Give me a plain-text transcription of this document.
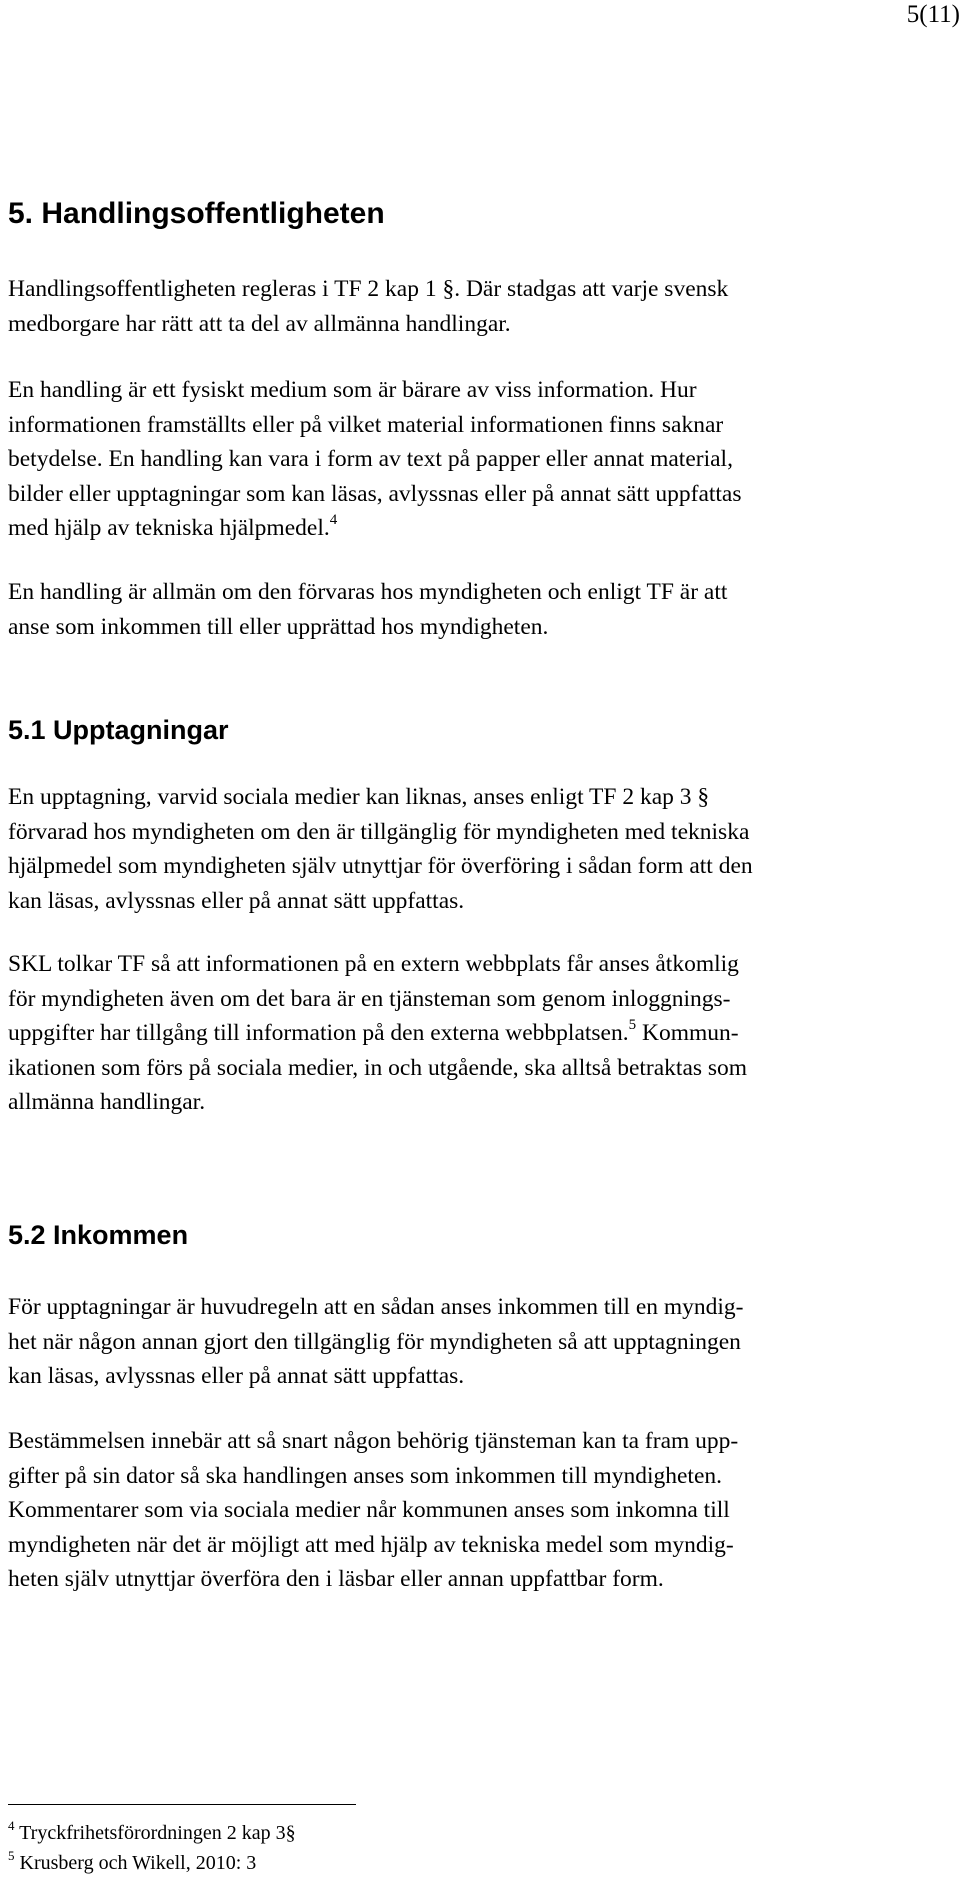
5(11)
5. Handlingsoffentligheten

Handlingsoffentligheten regleras i TF 2 kap 1 §. Där stadgas att varje svensk
medborgare har rätt att ta del av allmänna handlingar.

En handling är ett fysiskt medium som är bärare av viss information. Hur
informationen framställts eller på vilket material informationen finns saknar
betydelse. En handling kan vara i form av text på papper eller annat material,
bilder eller upptagningar som kan läsas, avlyssnas eller på annat sätt uppfattas
med hjälp av tekniska hjälpmedel.$^4$

En handling är allmän om den förvaras hos myndigheten och enligt TF är att
anse som inkommen till eller upprättad hos myndigheten.

5.1 Upptagningar

En upptagning, varvid sociala medier kan liknas, anses enligt TF 2 kap 3 §
förvarad hos myndigheten om den är tillgänglig för myndigheten med tekniska
hjälpmedel som myndigheten själv utnyttjar för överföring i sådan form att den
kan läsas, avlyssnas eller på annat sätt uppfattas.

SKL tolkar TF så att informationen på en extern webbplats får anses åtkomlig
för myndigheten även om det bara är en tjänsteman som genom inloggnings-
uppgifter har tillgång till information på den externa webbplatsen.$^5$ Kommun-
ikationen som förs på sociala medier, in och utgående, ska alltså betraktas som
allmänna handlingar.

5.2 Inkommen

För upptagningar är huvudregeln att en sådan anses inkommen till en myndig-
het när någon annan gjort den tillgänglig för myndigheten så att upptagningen
kan läsas, avlyssnas eller på annat sätt uppfattas.

Bestämmelsen innebär att så snart någon behörig tjänsteman kan ta fram upp-
gifter på sin dator så ska handlingen anses som inkommen till myndigheten.
Kommentarer som via sociala medier når kommunen anses som inkomna till
myndigheten när det är möjligt att med hjälp av tekniska medel som myndig-
heten själv utnyttjar överföra den i läsbar eller annan uppfattbar form.

$^4$ Tryckfrihetsförordningen 2 kap 3§

$^5$ Krusberg och Wikell, 2010: 3
